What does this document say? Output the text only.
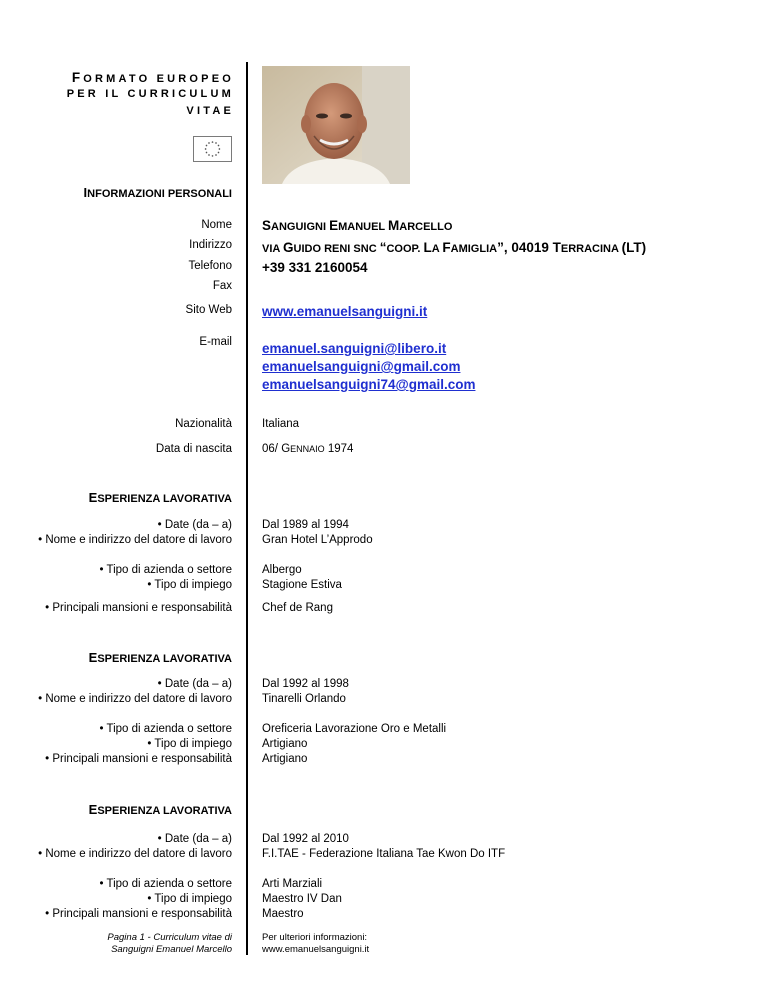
FORMATO EUROPEO
PER IL CURRICULUM
VITAE
INFORMAZIONI PERSONALI
Nome
Indirizzo
Telefono
Fax
Sito Web
E-mail
Nazionalità
Data di nascita
SANGUIGNI EMANUEL MARCELLO
VIA GUIDO RENI SNC “COOP. LA FAMIGLIA”, 04019 TERRACINA (LT)
+39 331 2160054
www.emanuelsanguigni.it
emanuel.sanguigni@libero.it
emanuelsanguigni@gmail.com
emanuelsanguigni74@gmail.com
Italiana
06/ GENNAIO 1974
ESPERIENZA LAVORATIVA
• Date (da – a)
• Nome e indirizzo del datore di lavoro
• Tipo di azienda o settore
• Tipo di impiego
• Principali mansioni e responsabilità
Dal 1989 al 1994
Gran Hotel L’Approdo
Albergo
Stagione Estiva
Chef de Rang
ESPERIENZA LAVORATIVA
• Date (da – a)
• Nome e indirizzo del datore di lavoro
• Tipo di azienda o settore
• Tipo di impiego
• Principali mansioni e responsabilità
Dal 1992 al 1998
Tinarelli Orlando
Oreficeria Lavorazione Oro e Metalli
Artigiano
Artigiano
ESPERIENZA LAVORATIVA
• Date (da – a)
• Nome e indirizzo del datore di lavoro
• Tipo di azienda o settore
• Tipo di impiego
• Principali mansioni e responsabilità
Dal 1992 al 2010
F.I.TAE - Federazione Italiana Tae Kwon Do ITF
Arti Marziali
Maestro IV Dan
Maestro
Pagina 1 - Curriculum vitae di
Sanguigni Emanuel Marcello
Per ulteriori informazioni:
www.emanuelsanguigni.it
